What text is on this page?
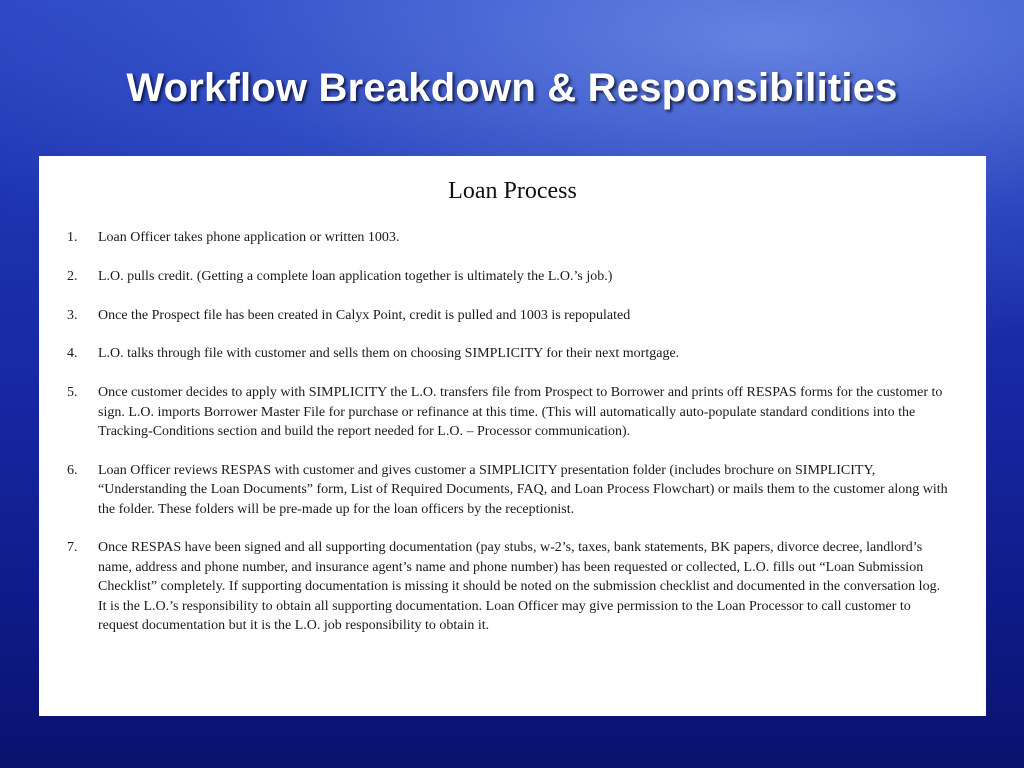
Workflow Breakdown & Responsibilities
Loan Process
1.	Loan Officer takes phone application or written 1003.
2.	L.O. pulls credit. (Getting a complete loan application together is ultimately the L.O.’s job.)
3.	Once the Prospect file has been created in Calyx Point, credit is pulled and 1003 is repopulated
4.	L.O. talks through file with customer and sells them on choosing SIMPLICITY for their next mortgage.
5.	Once customer decides to apply with SIMPLICITY the L.O. transfers file from Prospect to Borrower and prints off RESPAS forms for the customer to sign. L.O. imports Borrower Master File for purchase or refinance at this time. (This will automatically auto-populate standard conditions into the Tracking-Conditions section and build the report needed for L.O. – Processor communication).
6.	Loan Officer reviews RESPAS with customer and gives customer a SIMPLICITY presentation folder (includes brochure on SIMPLICITY, “Understanding the Loan Documents” form, List of Required Documents, FAQ, and Loan Process Flowchart) or mails them to the customer along with the folder. These folders will be pre-made up for the loan officers by the receptionist.
7.	Once RESPAS have been signed and all supporting documentation (pay stubs, w-2’s, taxes, bank statements, BK papers, divorce decree, landlord’s name, address and phone number, and insurance agent’s name and phone number) has been requested or collected, L.O. fills out “Loan Submission Checklist” completely. If supporting documentation is missing it should be noted on the submission checklist and documented in the conversation log. It is the L.O.’s responsibility to obtain all supporting documentation. Loan Officer may give permission to the Loan Processor to call customer to request documentation but it is the L.O. job responsibility to obtain it.
